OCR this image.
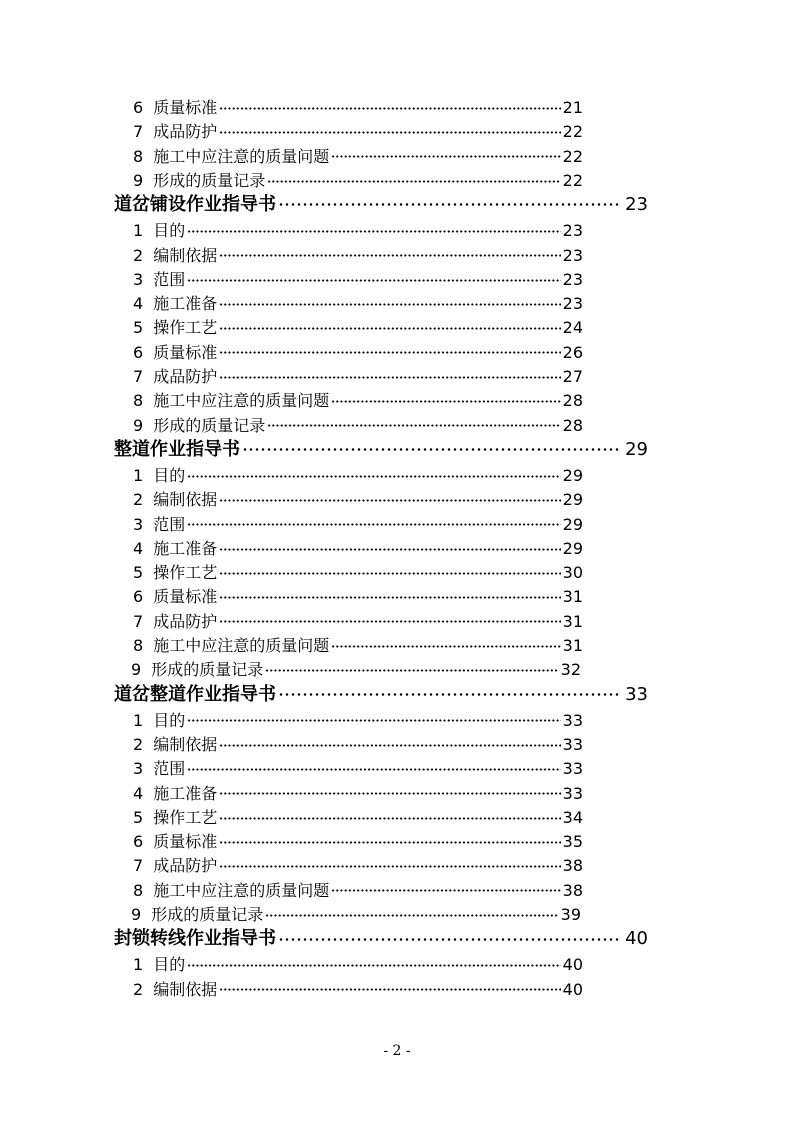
6 质量标准	21
7 成品防护	22
8 施工中应注意的质量问题	22
9 形成的质量记录	22
道岔铺设作业指导书	23
1 目的	23
2 编制依据	23
3 范围	23
4 施工准备	23
5 操作工艺	24
6 质量标准	26
7 成品防护	27
8 施工中应注意的质量问题	28
9 形成的质量记录	28
整道作业指导书	29
1 目的	29
2 编制依据	29
3 范围	29
4 施工准备	29
5 操作工艺	30
6 质量标准	31
7 成品防护	31
8 施工中应注意的质量问题	31
9 形成的质量记录	32
道岔整道作业指导书	33
1 目的	33
2 编制依据	33
3 范围	33
4 施工准备	33
5 操作工艺	34
6 质量标准	35
7 成品防护	38
8 施工中应注意的质量问题	38
9 形成的质量记录	39
封锁转线作业指导书	40
1 目的	40
2 编制依据	40
- 2 -
